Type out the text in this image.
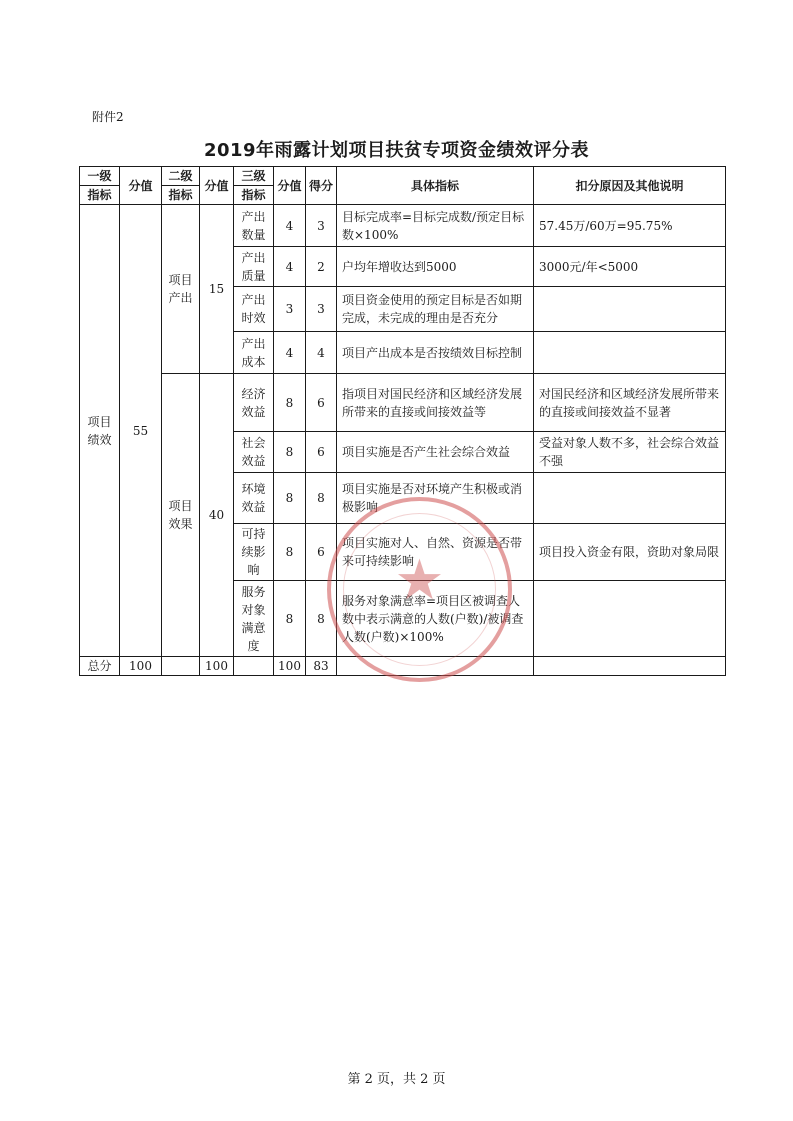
附件2
2019年雨露计划项目扶贫专项资金绩效评分表
一级	分值	二级	分值	三级	分值	得分	具体指标	扣分原因及其他说明
指标		指标		指标				
项目绩效	55	项目产出	15	产出数量	4	3	目标完成率=目标完成数/预定目标数×100%	57.45万/60万=95.75%
				产出质量	4	2	户均年增收达到5000	3000元/年<5000
				产出时效	3	3	项目资金使用的预定目标是否如期完成，未完成的理由是否充分	
				产出成本	4	4	项目产出成本是否按绩效目标控制	
		项目效果	40	经济效益	8	6	指项目对国民经济和区域经济发展所带来的直接或间接效益等	对国民经济和区域经济发展所带来的直接或间接效益不显著
				社会效益	8	6	项目实施是否产生社会综合效益	受益对象人数不多，社会综合效益不强
				环境效益	8	8	项目实施是否对环境产生积极或消极影响	
				可持续影响	8	6	项目实施对人、自然、资源是否带来可持续影响	项目投入资金有限，资助对象局限
				服务对象满意度	8	8	服务对象满意率=项目区被调查人数中表示满意的人数(户数)/被调查人数(户数)×100%	
总分	100		100		100	83		
★
第 2 页，共 2 页
